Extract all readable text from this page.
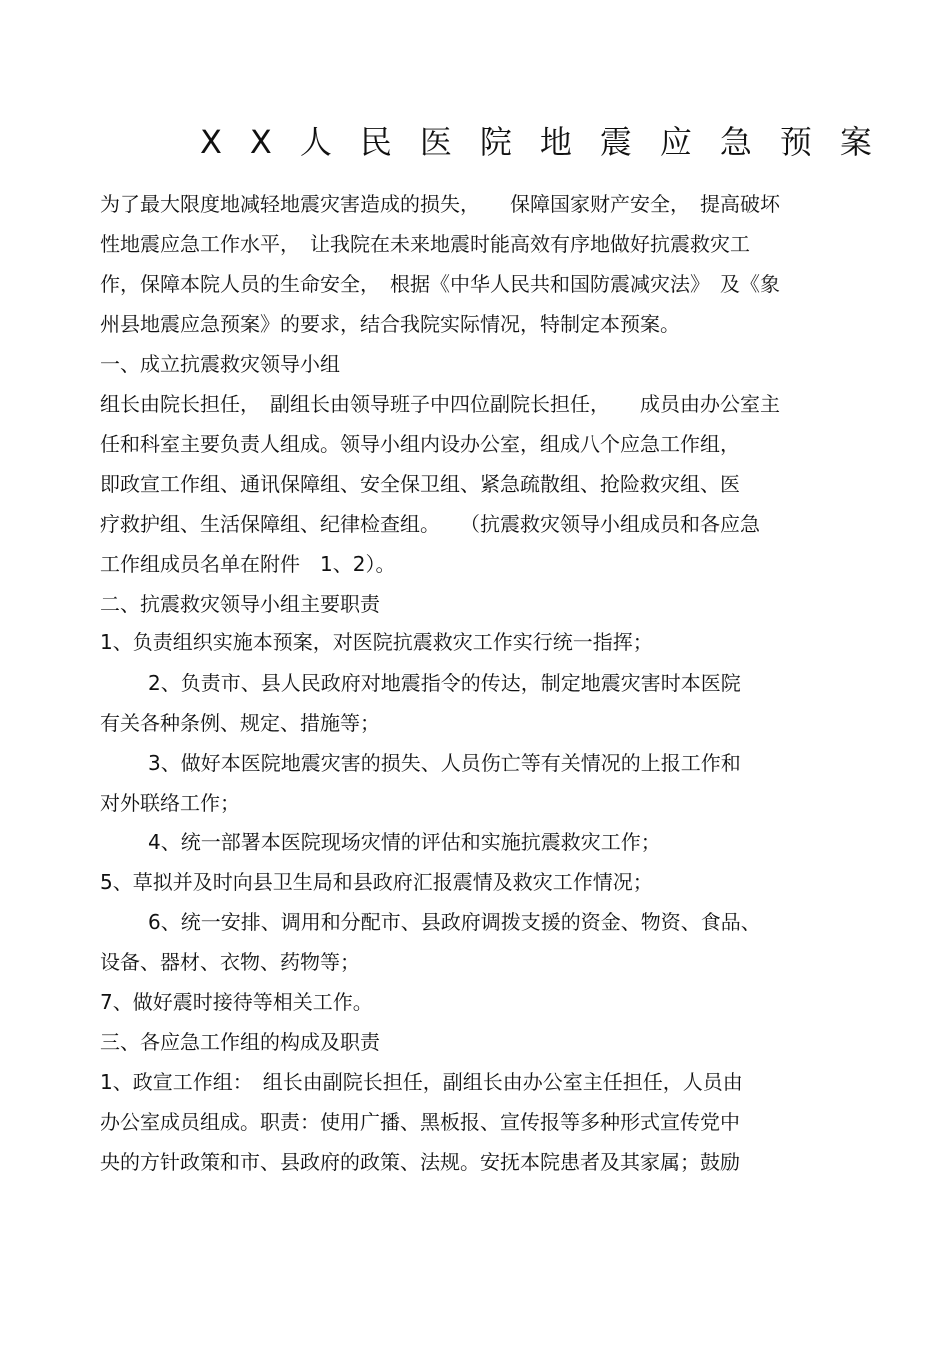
XX人民医院地震应急预案
为了最大限度地减轻地震灾害造成的损失，　　保障国家财产安全，　提高破坏
性地震应急工作水平，　让我院在未来地震时能高效有序地做好抗震救灾工
作，保障本院人员的生命安全，　根据《中华人民共和国防震减灾法》　及《象
州县地震应急预案》的要求，结合我院实际情况，特制定本预案。
一、成立抗震救灾领导小组
组长由院长担任，　副组长由领导班子中四位副院长担任，　　成员由办公室主
任和科室主要负责人组成。领导小组内设办公室，组成八个应急工作组，
即政宣工作组、通讯保障组、安全保卫组、紧急疏散组、抢险救灾组、医
疗救护组、生活保障组、纪律检查组。　　（抗震救灾领导小组成员和各应急
工作组成员名单在附件　1、2）。
二、抗震救灾领导小组主要职责
1、负责组织实施本预案，对医院抗震救灾工作实行统一指挥；
2、负责市、县人民政府对地震指令的传达，制定地震灾害时本医院
有关各种条例、规定、措施等；
3、做好本医院地震灾害的损失、人员伤亡等有关情况的上报工作和
对外联络工作；
4、统一部署本医院现场灾情的评估和实施抗震救灾工作；
5、草拟并及时向县卫生局和县政府汇报震情及救灾工作情况；
6、统一安排、调用和分配市、县政府调拨支援的资金、物资、食品、
设备、器材、衣物、药物等；
7、做好震时接待等相关工作。
三、各应急工作组的构成及职责
1、政宣工作组：　组长由副院长担任，副组长由办公室主任担任，人员由
办公室成员组成。职责：使用广播、黑板报、宣传报等多种形式宣传党中
央的方针政策和市、县政府的政策、法规。安抚本院患者及其家属；鼓励
